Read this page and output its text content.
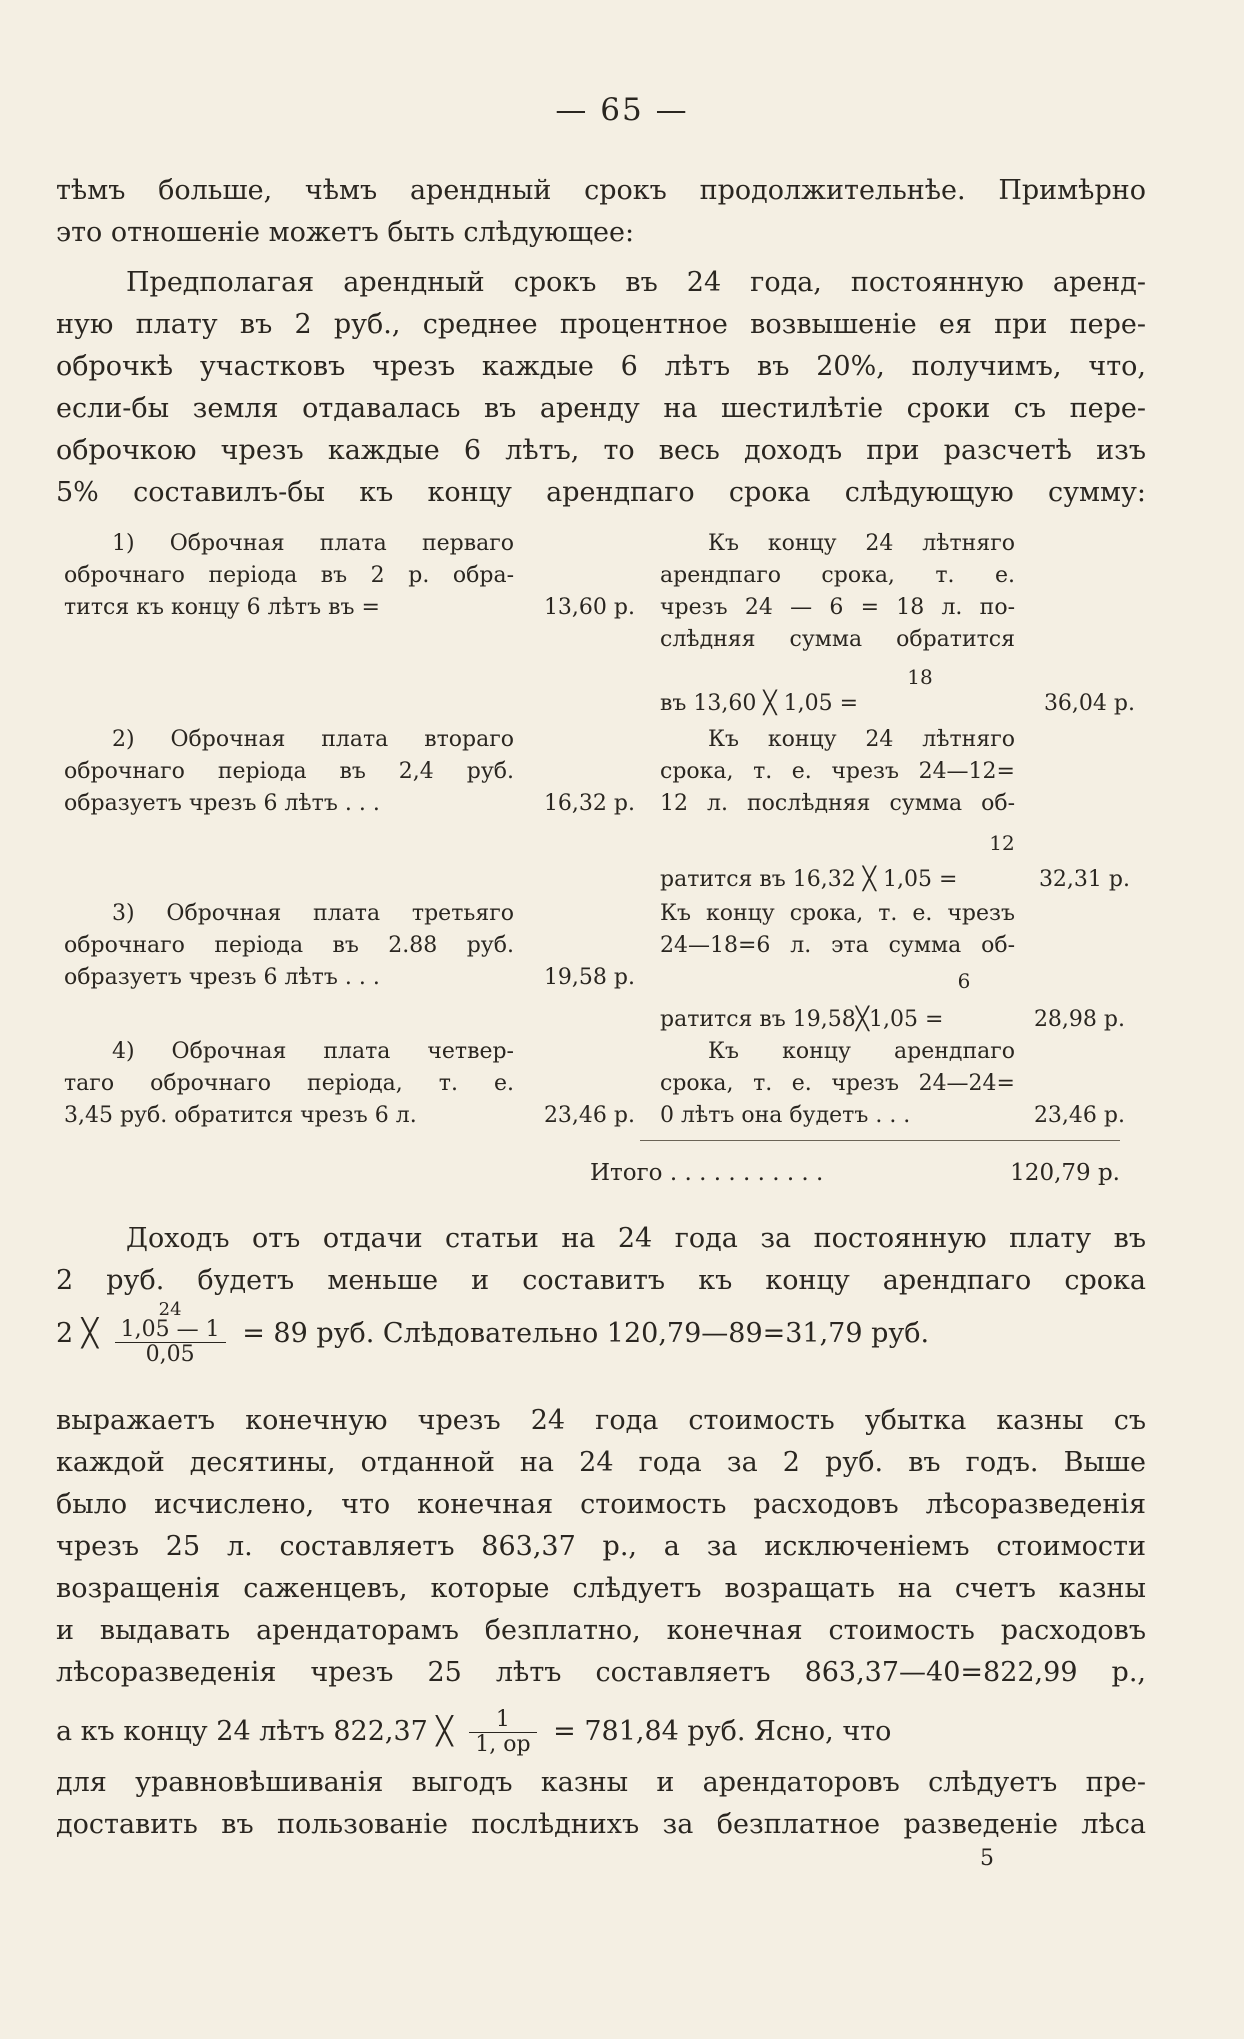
— 65 —
тѣмъ больше, чѣмъ арендный срокъ продолжительнѣе. Примѣрно
это отношеніе можетъ быть слѣдующее:
Предполагая арендный срокъ въ 24 года, постоянную аренд-
ную плату въ 2 руб., среднее процентное возвышеніе ея при пере-
оброчкѣ участковъ чрезъ каждые 6 лѣтъ въ 20%, получимъ, что,
если-бы земля отдавалась въ аренду на шестилѣтіе сроки съ пере-
оброчкою чрезъ каждые 6 лѣтъ, то весь доходъ при разсчетѣ изъ
5% составилъ-бы къ концу арендпаго срока слѣдующую сумму:
1) Оброчная плата перваго
оброчнаго періода въ 2 р. обра-
тится къ концу 6 лѣтъ въ =	13,60 р.
Къ концу 24 лѣтняго
арендпаго срока, т. е.
чрезъ 24 — 6 = 18 л. по-
слѣдняя сумма обратится
18
въ 13,60 ╳ 1,05 =	36,04 р.
2) Оброчная плата втораго
оброчнаго періода въ 2,4 руб.
образуетъ чрезъ 6 лѣтъ . . .	16,32 р.
Къ концу 24 лѣтняго
срока, т. е. чрезъ 24—12=
12 л. послѣдняя сумма об-
12
ратится въ 16,32 ╳ 1,05 =	32,31 р.
3) Оброчная плата третьяго
оброчнаго періода въ 2.88 руб.
образуетъ чрезъ 6 лѣтъ . . .	19,58 р.
Къ концу срока, т. е. чрезъ
24—18=6 л. эта сумма об-
6
ратится въ 19,58╳1,05 =	28,98 р.
4) Оброчная плата четвер-
таго оброчнаго періода, т. е.
3,45 руб. обратится чрезъ 6 л.	23,46 р.
Къ концу арендпаго
срока, т. е. чрезъ 24—24=
0 лѣтъ она будетъ . . .	23,46 р.
Итого . . . . . . . . . . .	120,79 р.
Доходъ отъ отдачи статьи на 24 года за постоянную плату въ
2 руб. будетъ меньше и составитъ къ концу арендпаго срока
2 ╳
24
1,05 — 1
0,05
= 89 руб. Слѣдовательно 120,79—89=31,79 руб.
выражаетъ конечную чрезъ 24 года стоимость убытка казны съ
каждой десятины, отданной на 24 года за 2 руб. въ годъ. Выше
было исчислено, что конечная стоимость расходовъ лѣсоразведенія
чрезъ 25 л. составляетъ 863,37 р., а за исключеніемъ стоимости
возращенія саженцевъ, которые слѣдуетъ возращать на счетъ казны
и выдавать арендаторамъ безплатно, конечная стоимость расходовъ
лѣсоразведенія чрезъ 25 лѣтъ составляетъ 863,37—40=822,99 р.,
а къ концу 24 лѣтъ 822,37 ╳ $\frac{1}{1, op} = 781,84$ руб. Ясно, что
для уравновѣшиванія выгодъ казны и арендаторовъ слѣдуетъ пре-
доставить въ пользованіе послѣднихъ за безплатное разведеніе лѣса
5
